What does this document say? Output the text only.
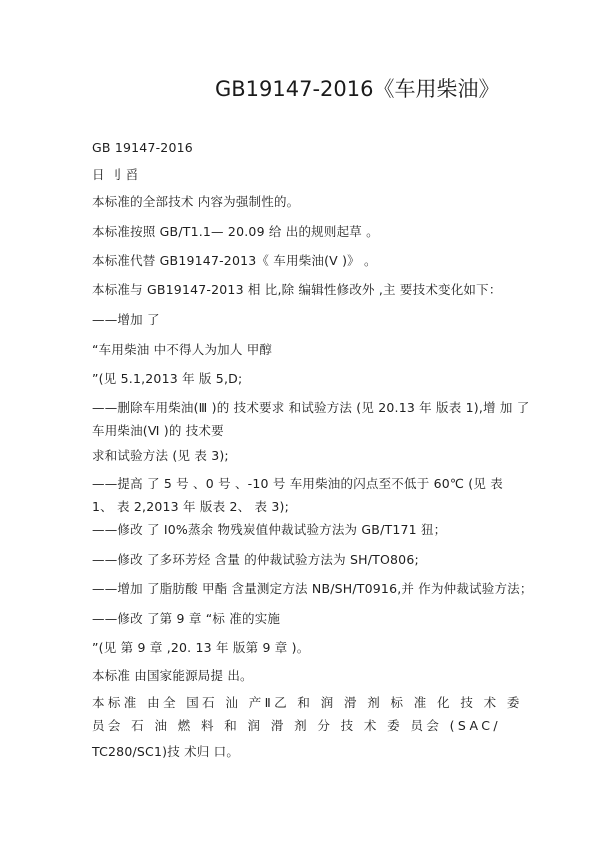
GB19147-2016《车用柴油》
GB 19147-2016
日 刂 舀
本标准的全部技术 内容为强制性的。
本标准按照 GB/T1.1— 20.09 给 出的规则起草 。
本标准代替 GB19147-2013《 车用柴油(Ⅴ )》 。
本标准与 GB19147-2013 相 比,除 编辑性修改外 ,主 要技术变化如下：
——增加 了
“车用柴油 中不得人为加人 甲醇
”(见 5.1,2013 年 版 5,D;
——删除车用柴油(Ⅲ )的 技术要求 和试验方法 (见 20.13 年 版表 1),增 加 了车用柴油(Ⅵ )的 技术要
求和试验方法 (见 表 3);
——提高 了 5 号 、0 号 、-10 号 车用柴油的闪点至不低于 60℃ (见 表 1、 表 2,2013 年 版表 2、 表 3);
——修改 了 I0%蒸余 物残炭值仲裁试验方法为 GB/T171 狃；
——修改 了多环芳烃 含量 的仲裁试验方法为 SH/TO806;
——增加 了脂肪酸 甲酯 含量测定方法 NB/SH/T0916,并 作为仲裁试验方法；
——修改 了第 9 章 “标 准的实施
”(见 第 9 章 ,20. 13 年 版第 9 章 )。
本标准 由国家能源局提 出。
本标准 由全 国石 汕 产Ⅱ乙 和 润 滑 剂 标 准 化 技 术 委 员会 石 油 燃 料 和 润 滑 剂 分 技 术 委 员会 (SAC/
TC280/SC1)技 术归 口。
